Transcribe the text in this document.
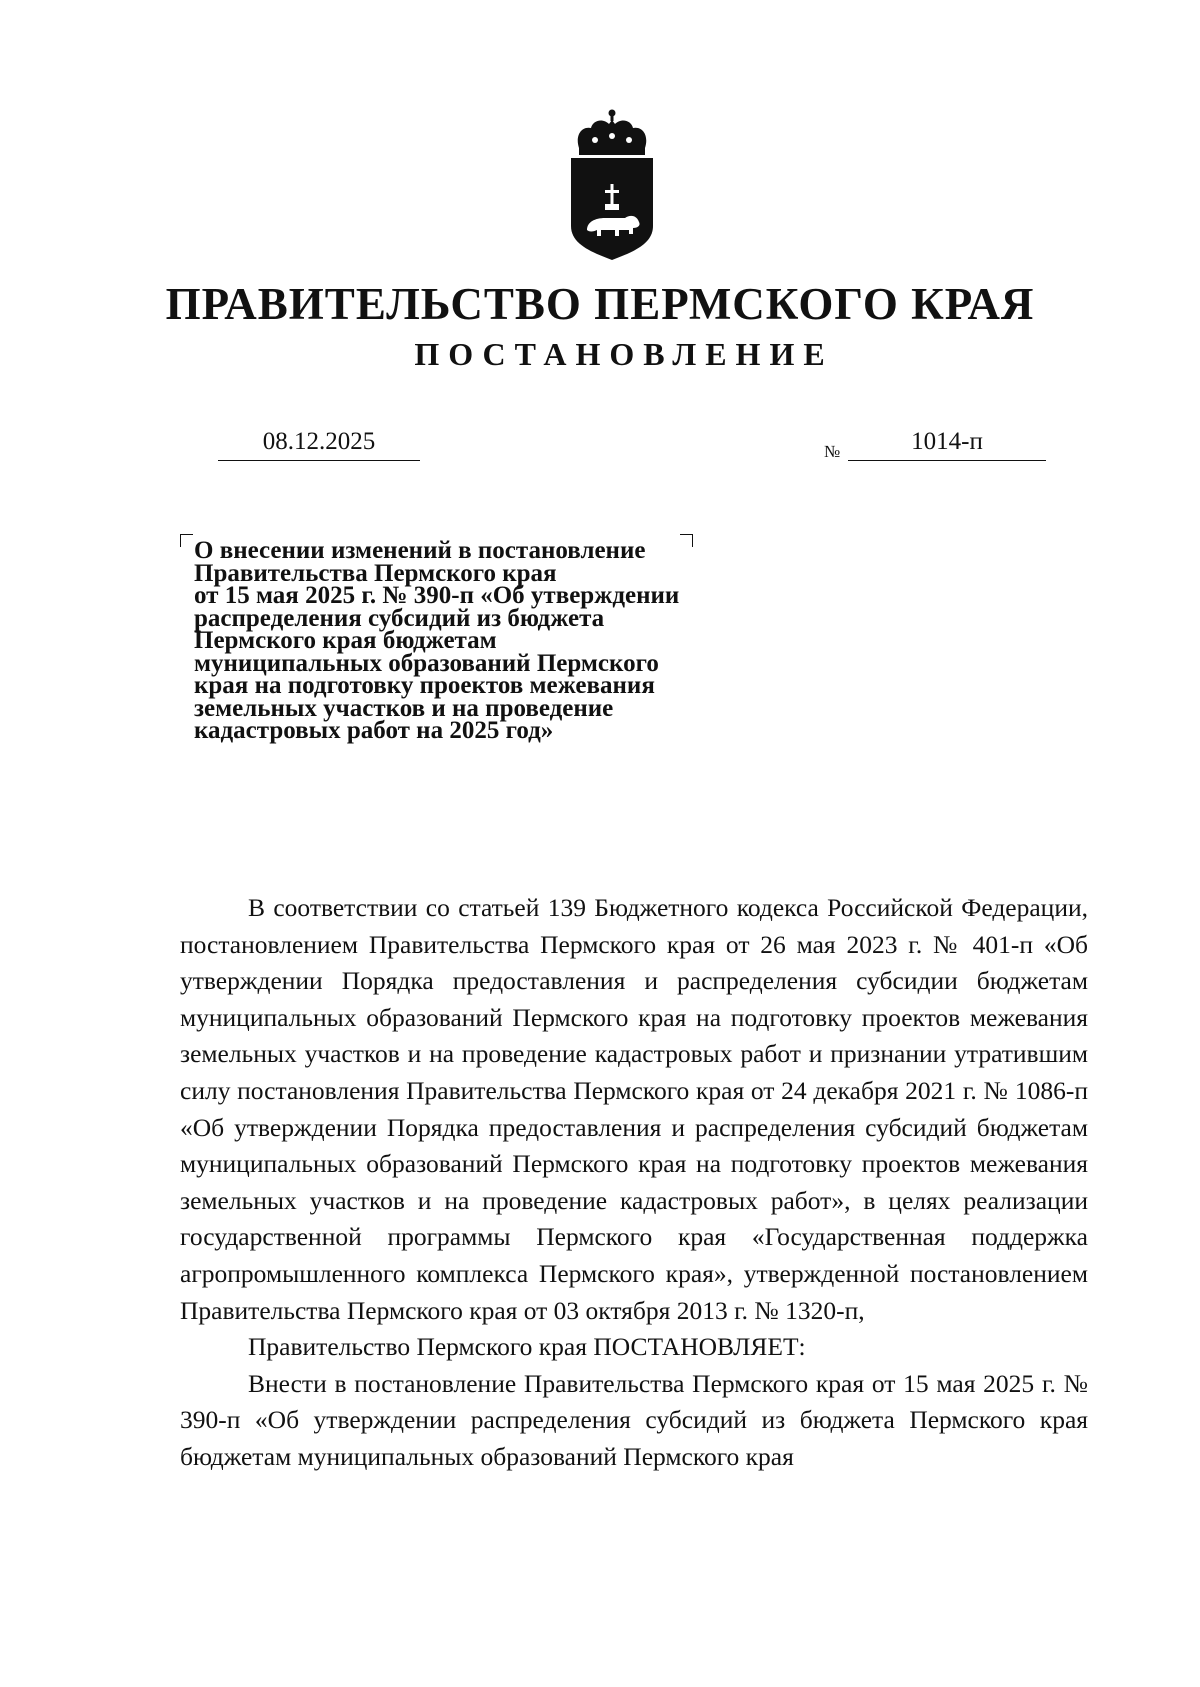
ПРАВИТЕЛЬСТВО ПЕРМСКОГО КРАЯ
ПОСТАНОВЛЕНИЕ
08.12.2025	№	1014-п
О внесении изменений в постановление
Правительства Пермского края
от 15 мая 2025 г. № 390-п «Об утверждении
распределения субсидий из бюджета
Пермского края бюджетам
муниципальных образований Пермского
края на подготовку проектов межевания
земельных участков и на проведение
кадастровых работ на 2025 год»

В соответствии со статьей 139 Бюджетного кодекса Российской Федерации, постановлением Правительства Пермского края от 26 мая 2023 г. № 401-п «Об утверждении Порядка предоставления и распределения субсидии бюджетам муниципальных образований Пермского края на подготовку проектов межевания земельных участков и на проведение кадастровых работ и признании утратившим силу постановления Правительства Пермского края от 24 декабря 2021 г. № 1086-п «Об утверждении Порядка предоставления и распределения субсидий бюджетам муниципальных образований Пермского края на подготовку проектов межевания земельных участков и на проведение кадастровых работ», в целях реализации государственной программы Пермского края «Государственная поддержка агропромышленного комплекса Пермского края», утвержденной постановлением Правительства Пермского края от 03 октября 2013 г. № 1320-п,

Правительство Пермского края ПОСТАНОВЛЯЕТ:

Внести в постановление Правительства Пермского края от 15 мая 2025 г. № 390-п «Об утверждении распределения субсидий из бюджета Пермского края бюджетам муниципальных образований Пермского края
